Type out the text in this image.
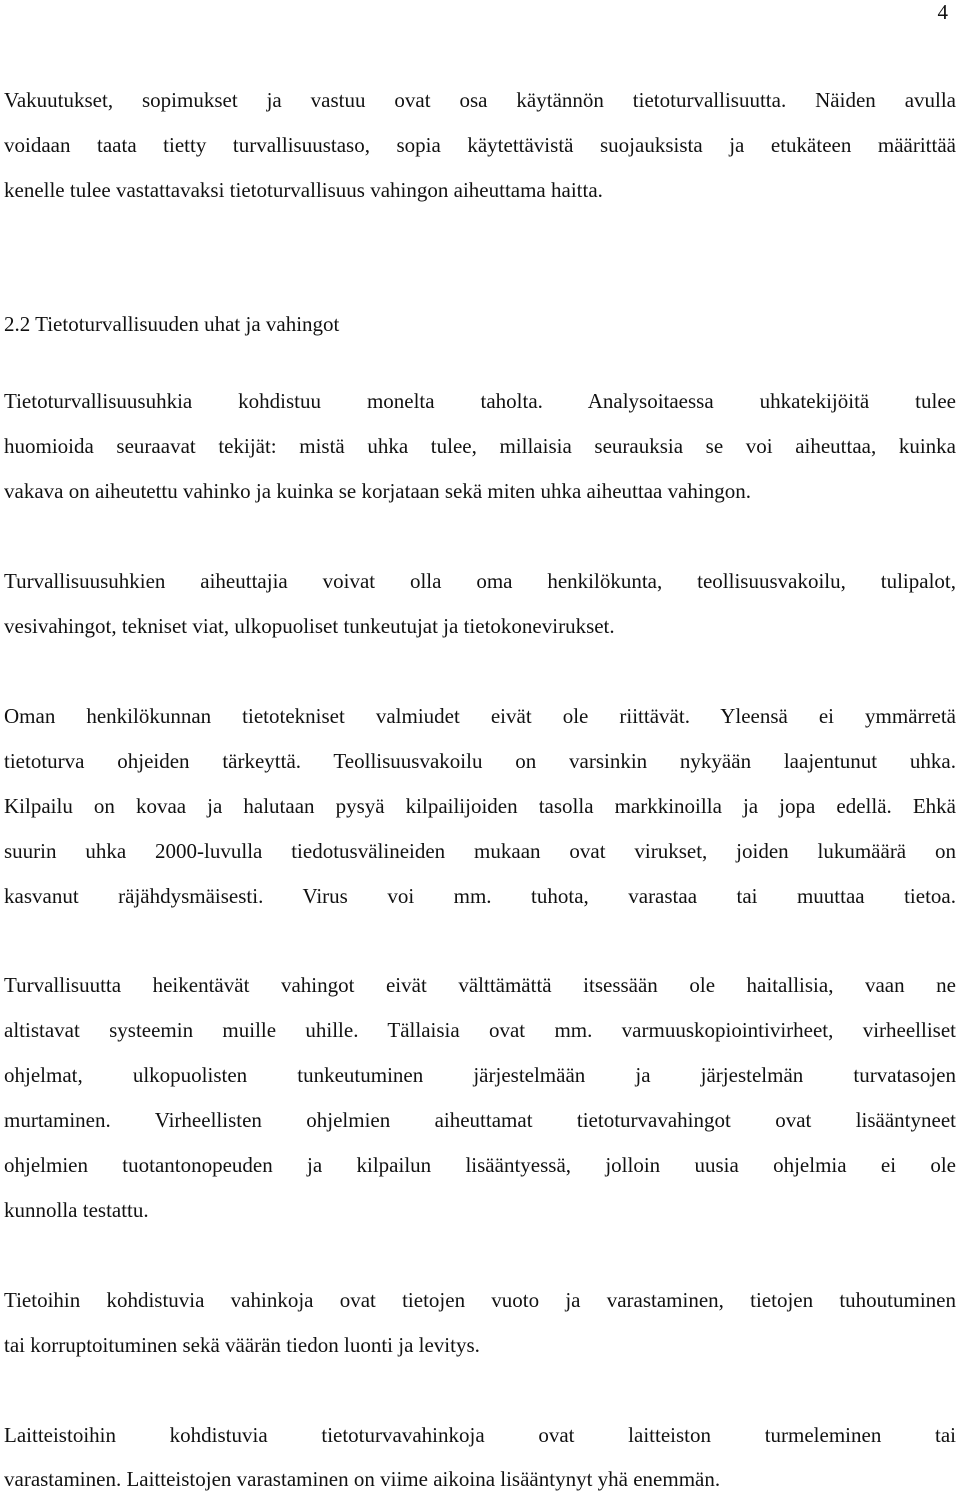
4
Vakuutukset, sopimukset ja vastuu ovat osa käytännön tietoturvallisuutta. Näiden avulla
voidaan taata tietty turvallisuustaso, sopia käytettävistä suojauksista ja etukäteen määrittää
kenelle tulee vastattavaksi tietoturvallisuus vahingon aiheuttama haitta.
2.2 Tietoturvallisuuden uhat ja vahingot
Tietoturvallisuusuhkia kohdistuu monelta taholta. Analysoitaessa uhkatekijöitä tulee
huomioida seuraavat tekijät: mistä uhka tulee, millaisia seurauksia se voi aiheuttaa, kuinka
vakava on aiheutettu vahinko ja kuinka se korjataan sekä miten uhka aiheuttaa vahingon.
Turvallisuusuhkien aiheuttajia voivat olla oma henkilökunta, teollisuusvakoilu, tulipalot,
vesivahingot, tekniset viat, ulkopuoliset tunkeutujat ja tietokonevirukset.
Oman henkilökunnan tietotekniset valmiudet eivät ole riittävät. Yleensä ei ymmärretä
tietoturva ohjeiden tärkeyttä. Teollisuusvakoilu on varsinkin nykyään laajentunut uhka.
Kilpailu on kovaa ja halutaan pysyä kilpailijoiden tasolla markkinoilla ja jopa edellä. Ehkä
suurin uhka 2000-luvulla tiedotusvälineiden mukaan ovat virukset, joiden lukumäärä on
kasvanut räjähdysmäisesti. Virus voi mm. tuhota, varastaa tai muuttaa tietoa.
Turvallisuutta heikentävät vahingot eivät välttämättä itsessään ole haitallisia, vaan ne
altistavat systeemin muille uhille. Tällaisia ovat mm. varmuuskopiointivirheet, virheelliset
ohjelmat, ulkopuolisten tunkeutuminen järjestelmään ja järjestelmän turvatasojen
murtaminen. Virheellisten ohjelmien aiheuttamat tietoturvavahingot ovat lisääntyneet
ohjelmien tuotantonopeuden ja kilpailun lisääntyessä, jolloin uusia ohjelmia ei ole
kunnolla testattu.
Tietoihin kohdistuvia vahinkoja ovat tietojen vuoto ja varastaminen, tietojen tuhoutuminen
tai korruptoituminen sekä väärän tiedon luonti ja levitys.
Laitteistoihin kohdistuvia tietoturvavahinkoja ovat laitteiston turmeleminen tai
varastaminen. Laitteistojen varastaminen on viime aikoina lisääntynyt yhä enemmän.
